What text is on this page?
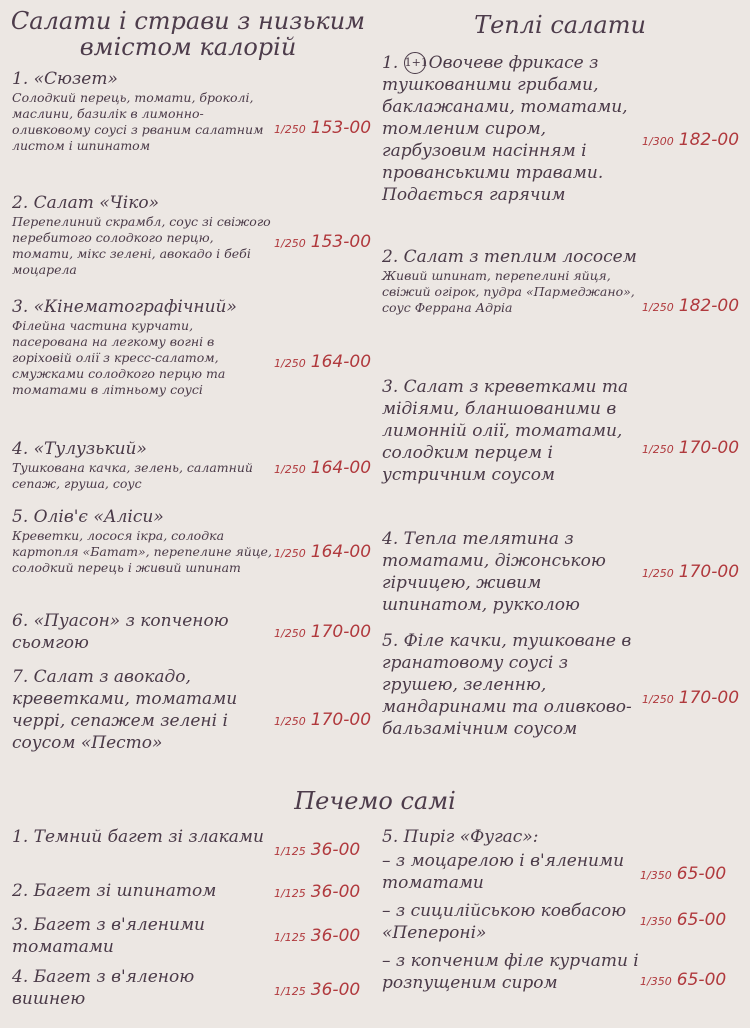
Салати і страви з низьким
вмістом калорій
1. «Сюзет»
Солодкий перець, томати, броколі, маслини, базилік в лимонно-оливковому соусі з рваним салатним листом і шпинатом
1/250 153-00
2. Салат «Чіко»
Перепелиний скрамбл, соус зі свіжого перебитого солодкого перцю, томати, мікс зелені, авокадо і бебі моцарела
1/250 153-00
3. «Кінематографічний»
Філейна частина курчати, пасерована на легкому вогні в горіховій олії з кресс-салатом, смужками солодкого перцю та томатами в літньому соусі
1/250 164-00
4. «Тулузький»
Тушкована качка, зелень, салатний сепаж, груша, соус
1/250 164-00
5. Олів'є «Аліси»
Креветки, лосося ікра, солодка картопля «Батат», перепелине яйце, солодкий перець і живий шпинат
1/250 164-00
6. «Пуасон» з копченою сьомгою	1/250 170-00
7. Салат з авокадо, креветками, томатами черрі, сепажем зелені і соусом «Песто»
1/250 170-00
Теплі салати
1. 1+1Овочеве фрикасе з тушкованими грибами, баклажанами, томатами, томленим сиром, гарбузовим насінням і прованськими травами. Подається гарячим
1/300 182-00
2. Салат з теплим лососем
Живий шпинат, перепелині яйця, свіжий огірок, пудра «Пармеджано», соус Феррана Адріа	1/250 182-00
3. Салат з креветками та мідіями, бланшованими в лимонній олії, томатами, солодким перцем і устричним соусом
1/250 170-00
4. Тепла телятина з томатами, діжонською гірчицею, живим шпинатом, рукколою
1/250 170-00
5. Філе качки, тушковане в гранатовому соусі з грушею, зеленню, мандаринами та оливково-бальзамічним соусом
1/250 170-00
Печемо самі
1. Темний багет зі злаками
1/125 36-00
2. Багет зі шпинатом	1/125 36-00
3. Багет з в'яленими томатами	1/125 36-00
4. Багет з в'яленою вишнею	1/125 36-00
5. Пиріг «Фугас»:
– з моцарелою і в'яленими томатами	1/350 65-00
– з сицилійською ковбасою «Пепероні»
1/350 65-00
– з копченим філе курчати і розпущеним сиром	1/350 65-00
